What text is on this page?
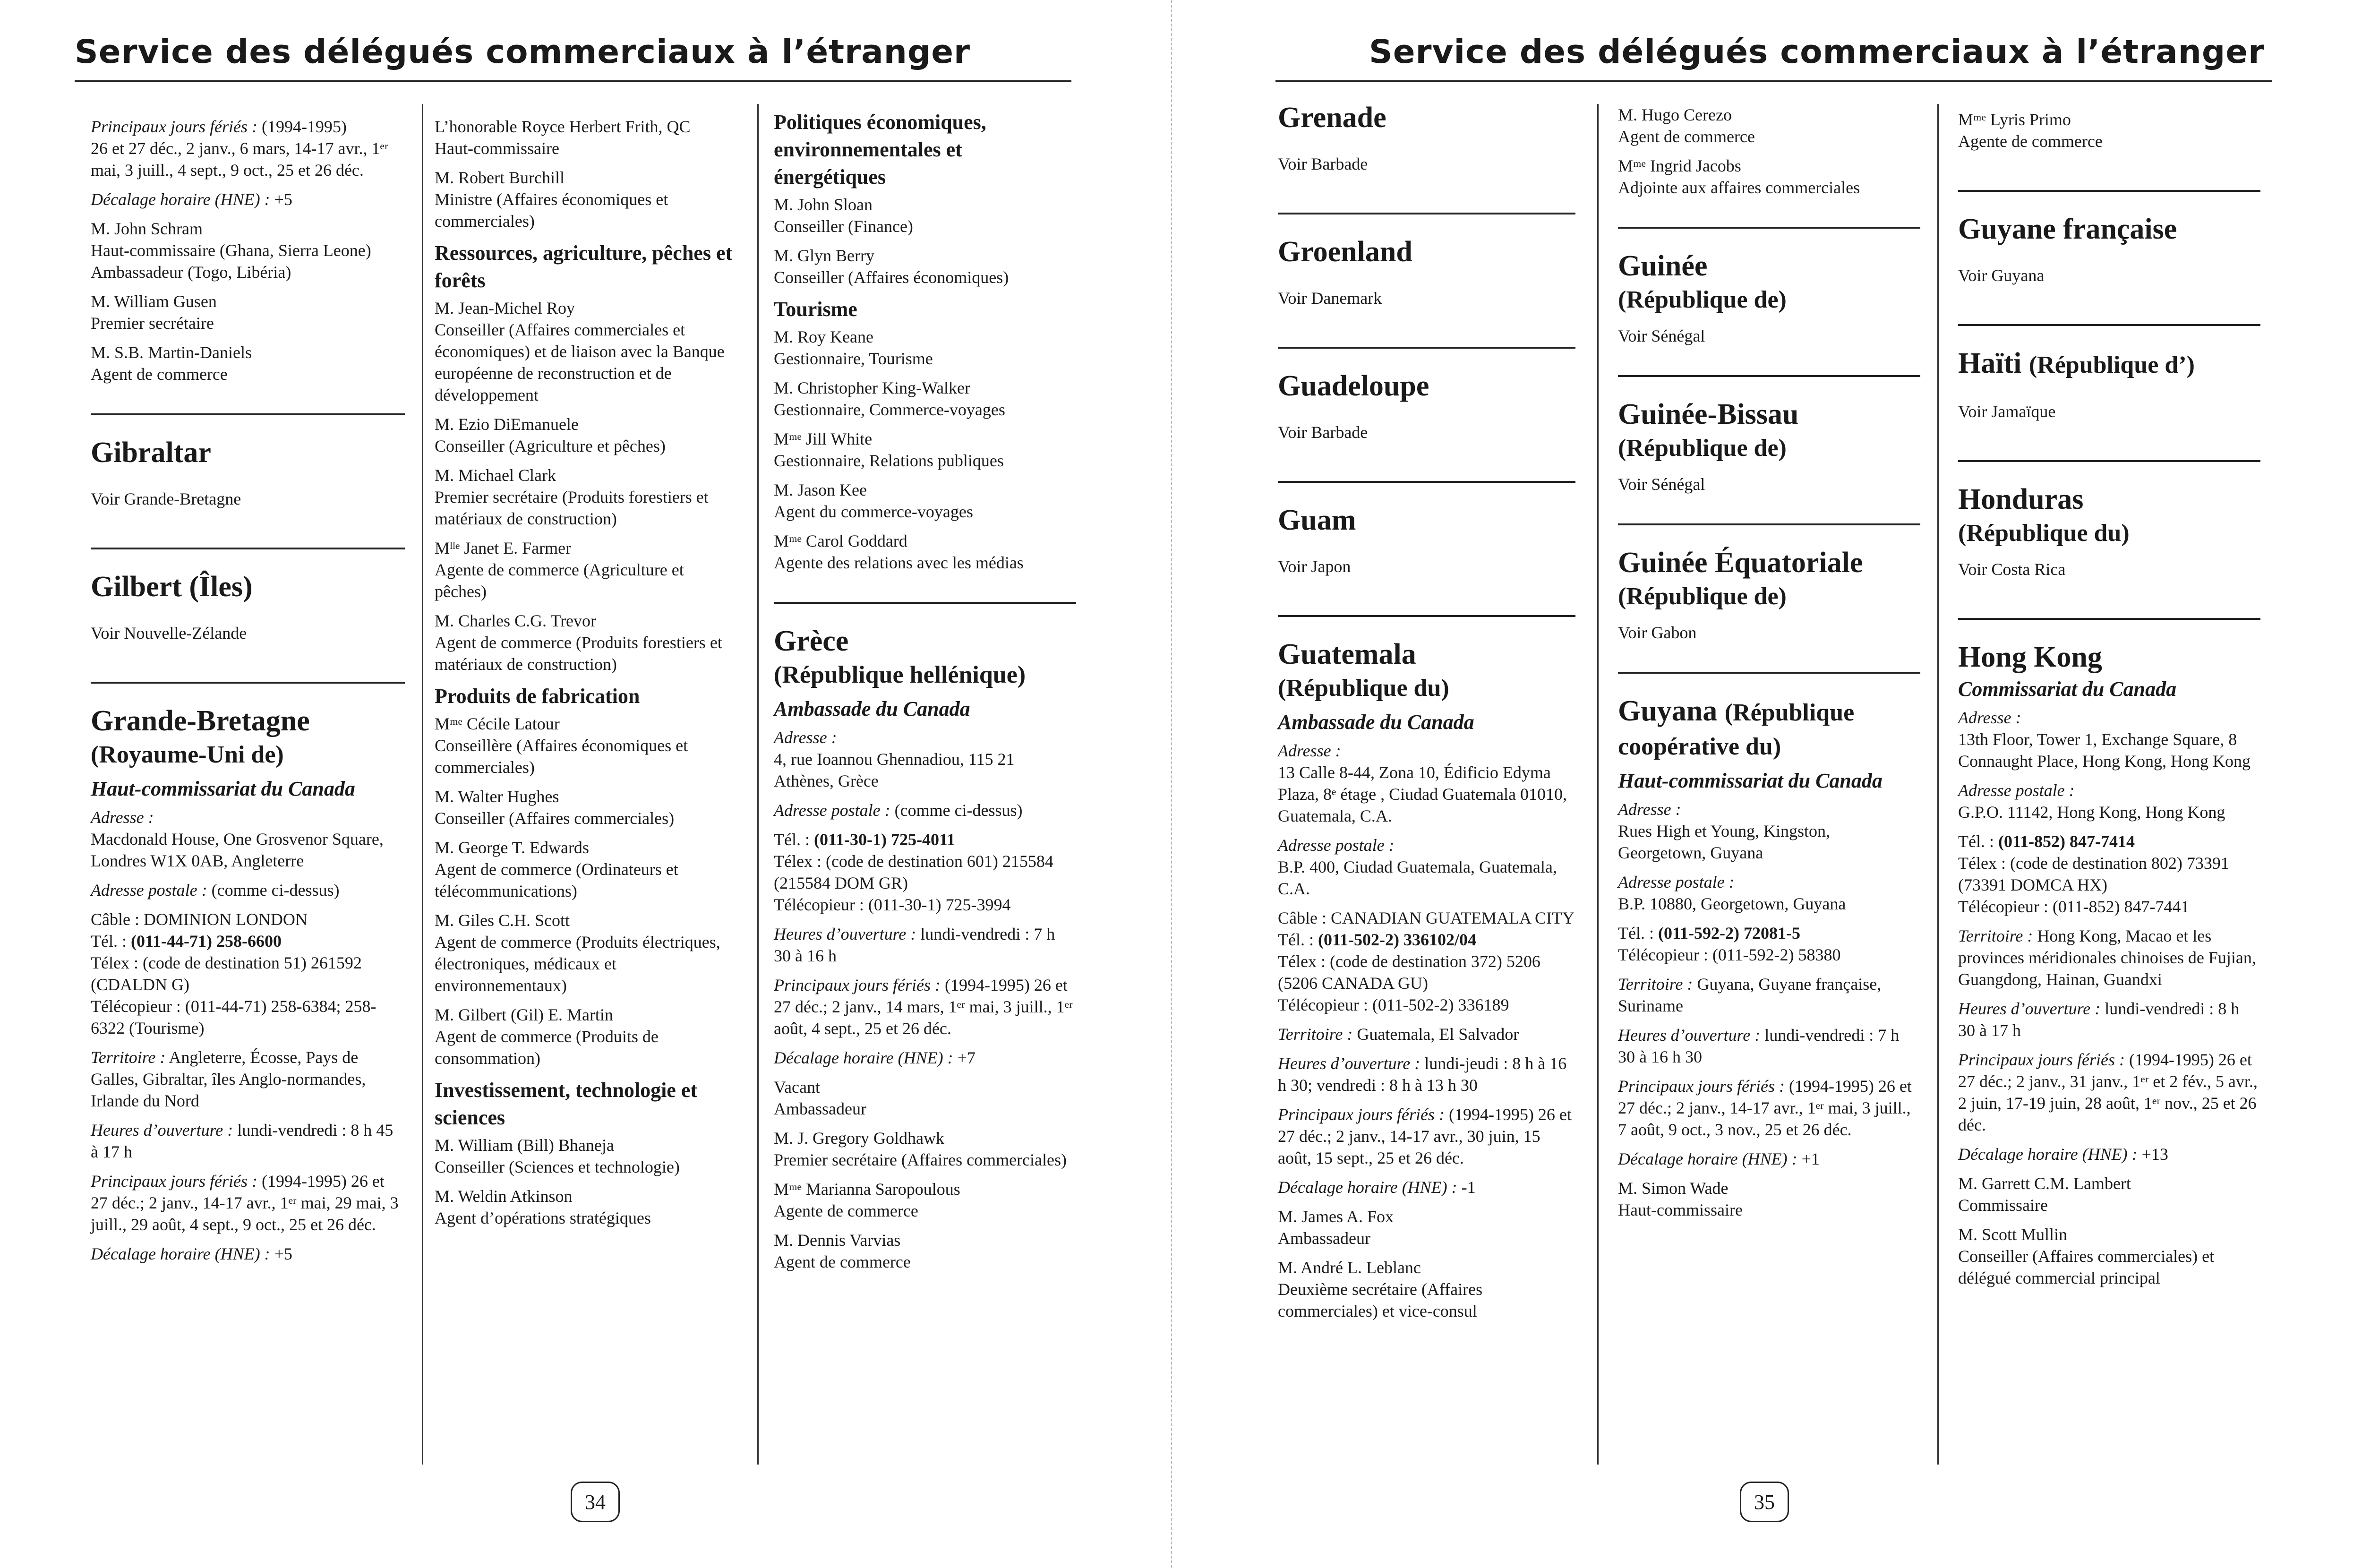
Service des délégués commerciaux à l’étranger
Principaux jours fériés : (1994-1995)
26 et 27 déc., 2 janv., 6 mars, 14-17 avr., 1ᵉʳ mai, 3 juill., 4 sept., 9 oct., 25 et 26 déc.
Décalage horaire (HNE) : +5
M. John Schram
Haut-commissaire (Ghana, Sierra Leone)
Ambassadeur (Togo, Libéria)
M. William Gusen
Premier secrétaire
M. S.B. Martin-Daniels
Agent de commerce
Gibraltar
Voir Grande-Bretagne
Gilbert (Îles)
Voir Nouvelle-Zélande
Grande-Bretagne
(Royaume-Uni de)
Haut-commissariat du Canada
Adresse :
Macdonald House, One Grosvenor Square, Londres W1X 0AB, Angleterre
Adresse postale : (comme ci-dessus)
Câble : DOMINION LONDON
Tél. : (011-44-71) 258-6600
Télex : (code de destination 51) 261592 (CDALDN G)
Télécopieur : (011-44-71) 258-6384; 258-6322 (Tourisme)
Territoire : Angleterre, Écosse, Pays de Galles, Gibraltar, îles Anglo-normandes, Irlande du Nord
Heures d’ouverture : lundi-vendredi : 8 h 45 à 17 h
Principaux jours fériés : (1994-1995) 26 et 27 déc.; 2 janv., 14-17 avr., 1ᵉʳ mai, 29 mai, 3 juill., 29 août, 4 sept., 9 oct., 25 et 26 déc.
Décalage horaire (HNE) : +5
L’honorable Royce Herbert Frith, QC
Haut-commissaire
M. Robert Burchill
Ministre (Affaires économiques et commerciales)
Ressources, agriculture, pêches et forêts
M. Jean-Michel Roy
Conseiller (Affaires commerciales et économiques) et de liaison avec la Banque européenne de reconstruction et de développement
M. Ezio DiEmanuele
Conseiller (Agriculture et pêches)
M. Michael Clark
Premier secrétaire (Produits forestiers et matériaux de construction)
Mˡˡᵉ Janet E. Farmer
Agente de commerce (Agriculture et pêches)
M. Charles C.G. Trevor
Agent de commerce (Produits forestiers et matériaux de construction)
Produits de fabrication
Mᵐᵉ Cécile Latour
Conseillère (Affaires économiques et commerciales)
M. Walter Hughes
Conseiller (Affaires commerciales)
M. George T. Edwards
Agent de commerce (Ordinateurs et télécommunications)
M. Giles C.H. Scott
Agent de commerce (Produits électriques, électroniques, médicaux et environnementaux)
M. Gilbert (Gil) E. Martin
Agent de commerce (Produits de consommation)
Investissement, technologie et sciences
M. William (Bill) Bhaneja
Conseiller (Sciences et technologie)
M. Weldin Atkinson
Agent d’opérations stratégiques
Politiques économiques, environnementales et énergétiques
M. John Sloan
Conseiller (Finance)
M. Glyn Berry
Conseiller (Affaires économiques)
Tourisme
M. Roy Keane
Gestionnaire, Tourisme
M. Christopher King-Walker
Gestionnaire, Commerce-voyages
Mᵐᵉ Jill White
Gestionnaire, Relations publiques
M. Jason Kee
Agent du commerce-voyages
Mᵐᵉ Carol Goddard
Agente des relations avec les médias
Grèce
(République hellénique)
Ambassade du Canada
Adresse :
4, rue Ioannou Ghennadiou, 115 21 Athènes, Grèce
Adresse postale : (comme ci-dessus)
Tél. : (011-30-1) 725-4011
Télex : (code de destination 601) 215584 (215584 DOM GR)
Télécopieur : (011-30-1) 725-3994
Heures d’ouverture : lundi-vendredi : 7 h 30 à 16 h
Principaux jours fériés : (1994-1995) 26 et 27 déc.; 2 janv., 14 mars, 1ᵉʳ mai, 3 juill., 1ᵉʳ août, 4 sept., 25 et 26 déc.
Décalage horaire (HNE) : +7
Vacant
Ambassadeur
M. J. Gregory Goldhawk
Premier secrétaire (Affaires commerciales)
Mᵐᵉ Marianna Saropoulous
Agente de commerce
M. Dennis Varvias
Agent de commerce
34
Service des délégués commerciaux à l’étranger
Grenade
Voir Barbade
Groenland
Voir Danemark
Guadeloupe
Voir Barbade
Guam
Voir Japon
Guatemala
(République du)
Ambassade du Canada
Adresse :
13 Calle 8-44, Zona 10, Édificio Edyma Plaza, 8ᵉ étage , Ciudad Guatemala 01010, Guatemala, C.A.
Adresse postale :
B.P. 400, Ciudad Guatemala, Guatemala, C.A.
Câble : CANADIAN GUATEMALA CITY
Tél. : (011-502-2) 336102/04
Télex : (code de destination 372) 5206 (5206 CANADA GU)
Télécopieur : (011-502-2) 336189
Territoire : Guatemala, El Salvador
Heures d’ouverture : lundi-jeudi : 8 h à 16 h 30; vendredi : 8 h à 13 h 30
Principaux jours fériés : (1994-1995) 26 et 27 déc.; 2 janv., 14-17 avr., 30 juin, 15 août, 15 sept., 25 et 26 déc.
Décalage horaire (HNE) : -1
M. James A. Fox
Ambassadeur
M. André L. Leblanc
Deuxième secrétaire (Affaires commerciales) et vice-consul
M. Hugo Cerezo
Agent de commerce
Mᵐᵉ Ingrid Jacobs
Adjointe aux affaires commerciales
Guinée
(République de)
Voir Sénégal
Guinée-Bissau
(République de)
Voir Sénégal
Guinée Équatoriale
(République de)
Voir Gabon
Guyana (République
coopérative du)
Haut-commissariat du Canada
Adresse :
Rues High et Young, Kingston, Georgetown, Guyana
Adresse postale :
B.P. 10880, Georgetown, Guyana
Tél. : (011-592-2) 72081-5
Télécopieur : (011-592-2) 58380
Territoire : Guyana, Guyane française, Suriname
Heures d’ouverture : lundi-vendredi : 7 h 30 à 16 h 30
Principaux jours fériés : (1994-1995) 26 et 27 déc.; 2 janv., 14-17 avr., 1ᵉʳ mai, 3 juill., 7 août, 9 oct., 3 nov., 25 et 26 déc.
Décalage horaire (HNE) : +1
M. Simon Wade
Haut-commissaire
Mᵐᵉ Lyris Primo
Agente de commerce
Guyane française
Voir Guyana
Haïti (République d’)
Voir Jamaïque
Honduras
(République du)
Voir Costa Rica
Hong Kong
Commissariat du Canada
Adresse :
13th Floor, Tower 1, Exchange Square, 8 Connaught Place, Hong Kong, Hong Kong
Adresse postale :
G.P.O. 11142, Hong Kong, Hong Kong
Tél. : (011-852) 847-7414
Télex : (code de destination 802) 73391 (73391 DOMCA HX)
Télécopieur : (011-852) 847-7441
Territoire : Hong Kong, Macao et les provinces méridionales chinoises de Fujian, Guangdong, Hainan, Guandxi
Heures d’ouverture : lundi-vendredi : 8 h 30 à 17 h
Principaux jours fériés : (1994-1995) 26 et 27 déc.; 2 janv., 31 janv., 1ᵉʳ et 2 fév., 5 avr., 2 juin, 17-19 juin, 28 août, 1ᵉʳ nov., 25 et 26 déc.
Décalage horaire (HNE) : +13
M. Garrett C.M. Lambert
Commissaire
M. Scott Mullin
Conseiller (Affaires commerciales) et délégué commercial principal
35
